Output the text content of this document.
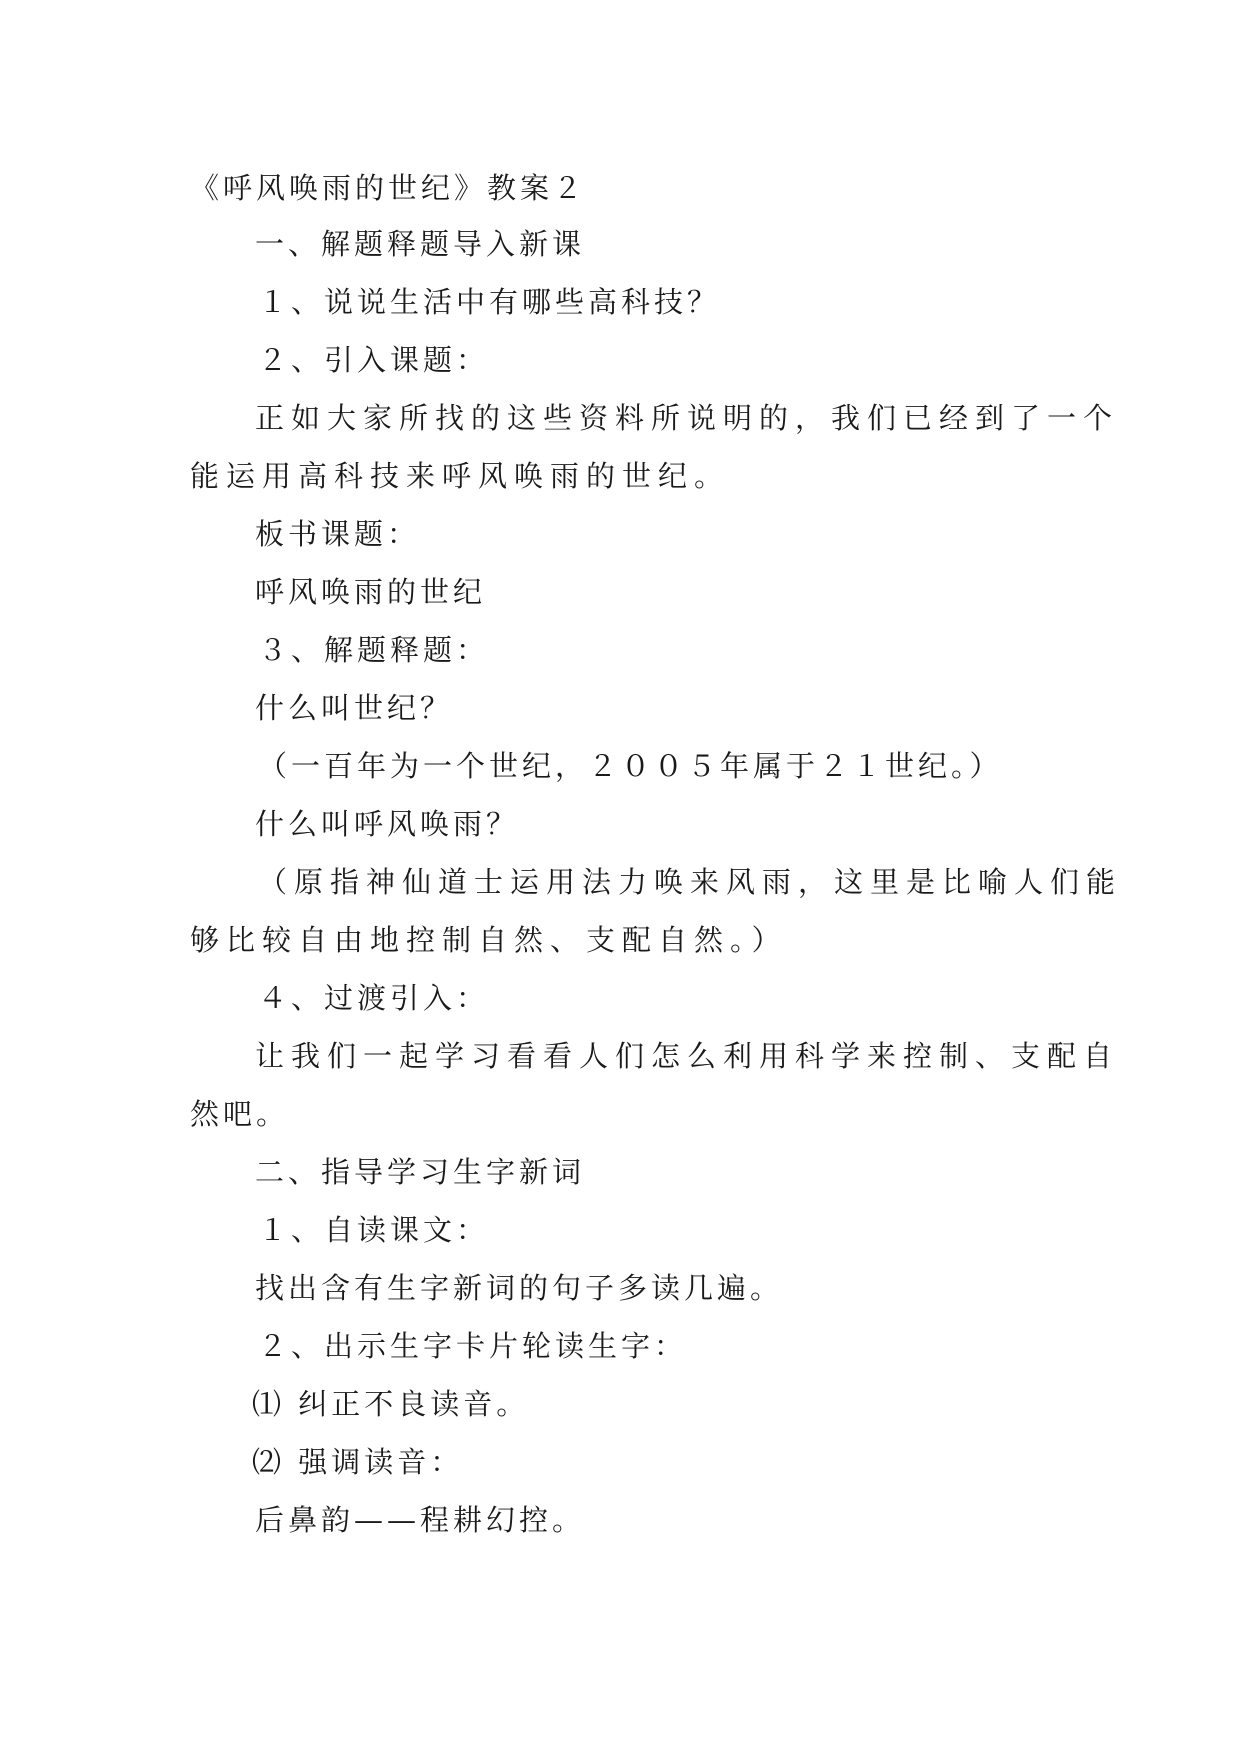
《呼风唤雨的世纪》教案２
一、解题释题导入新课
１、说说生活中有哪些高科技？
２、引入课题：
正如大家所找的这些资料所说明的，我们已经到了一个
能运用高科技来呼风唤雨的世纪。
板书课题：
呼风唤雨的世纪
３、解题释题：
什么叫世纪？
（一百年为一个世纪，２００５年属于２１世纪。）
什么叫呼风唤雨？
（原指神仙道士运用法力唤来风雨，这里是比喻人们能
够比较自由地控制自然、支配自然。）
４、过渡引入：
让我们一起学习看看人们怎么利用科学来控制、支配自
然吧。
二、指导学习生字新词
１、自读课文：
找出含有生字新词的句子多读几遍。
２、出示生字卡片轮读生字：
⑴ 纠正不良读音。
⑵ 强调读音：
后鼻韵——程耕幻控。
